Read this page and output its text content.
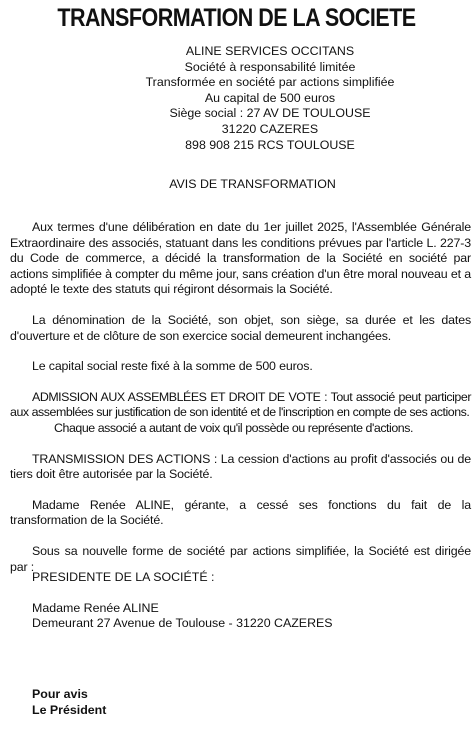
TRANSFORMATION DE LA SOCIETE
ALINE SERVICES OCCITANS
Société à responsabilité limitée
Transformée en société par actions simplifiée
Au capital de 500 euros
Siège social : 27 AV DE TOULOUSE
31220 CAZERES
898 908 215 RCS TOULOUSE
AVIS DE TRANSFORMATION

Aux termes d'une délibération en date du 1er juillet 2025, l'Assemblée Générale Extraordinaire des associés, statuant dans les conditions prévues par l'article L. 227-3 du Code de commerce, a décidé la transformation de la Société en société par actions simplifiée à compter du même jour, sans création d'un être moral nouveau et a adopté le texte des statuts qui régiront désormais la Société.

La dénomination de la Société, son objet, son siège, sa durée et les dates d'ouverture et de clôture de son exercice social demeurent inchangées.

Le capital social reste fixé à la somme de 500 euros.

ADMISSION AUX ASSEMBLÉES ET DROIT DE VOTE : Tout associé peut participer aux assemblées sur justification de son identité et de l'inscription en compte de ses actions.
Chaque associé a autant de voix qu'il possède ou représente d'actions.

TRANSMISSION DES ACTIONS : La cession d'actions au profit d'associés ou de tiers doit être autorisée par la Société.

Madame Renée ALINE, gérante, a cessé ses fonctions du fait de la transformation de la Société.

Sous sa nouvelle forme de société par actions simplifiée, la Société est dirigée par :

PRESIDENTE DE LA SOCIÉTÉ :
Madame Renée ALINE
Demeurant 27 Avenue de Toulouse - 31220 CAZERES
Pour avis
Le Président
